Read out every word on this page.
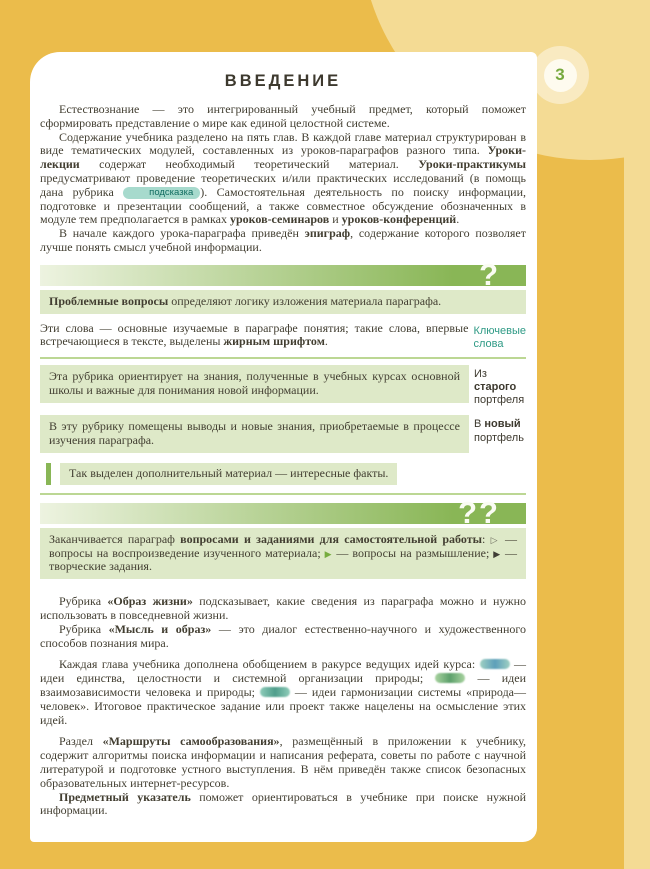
3
ВВЕДЕНИЕ

Естествознание — это интегрированный учебный предмет, который поможет сформировать представление о мире как единой целостной системе.

Содержание учебника разделено на пять глав. В каждой главе материал структурирован в виде тематических модулей, составленных из уроков-параграфов разного типа. Уроки-лекции содержат необходимый теоретический материал. Уроки-практикумы предусматривают проведение теоретических и/или практических исследований (в помощь дана рубрика	подсказка ). Самостоятельная деятельность по поиску информации, подготовке и презентации сообщений, а также совместное обсуждение обозначенных в модуле тем предполагается в рамках уроков-семинаров и уроков-конференций.

В начале каждого урока-параграфа приведён эпиграф, содержание которого позволяет лучше понять смысл учебной информации.

?

Проблемные вопросы определяют логику изложения материала параграфа.

Эти слова — основные изучаемые в параграфе понятия; такие слова, впервые встречающиеся в тексте, выделены жирным шрифтом.

Ключевые слова

Эта рубрика ориентирует на знания, полученные в учебных курсах основной школы и важные для понимания новой информации.

Из старого портфеля

В эту рубрику помещены выводы и новые знания, приобретаемые в процессе изучения параграфа.

В новый портфель

Так выделен дополнительный материал — интересные факты.

??

Заканчивается параграф вопросами и заданиями для самостоятельной работы: ▷ — вопросы на воспроизведение изученного материала; ▶ — вопросы на размышление; ▶ — творческие задания.

Рубрика «Образ жизни» подсказывает, какие сведения из параграфа можно и нужно использовать в повседневной жизни.

Рубрика «Мысль и образ» — это диалог естественно-научного и художественного способов познания мира.

Каждая глава учебника дополнена обобщением в ракурсе ведущих идей курса:	— идеи единства, целостности и системной организации природы;	— идеи взаимозависимости человека и природы;	— идеи гармонизации системы «природа—человек». Итоговое практическое задание или проект также нацелены на осмысление этих идей.

Раздел «Маршруты самообразования», размещённый в приложении к учебнику, содержит алгоритмы поиска информации и написания реферата, советы по работе с научной литературой и подготовке устного выступления. В нём приведён также список безопасных образовательных интернет-ресурсов.

Предметный указатель поможет ориентироваться в учебнике при поиске нужной информации.
